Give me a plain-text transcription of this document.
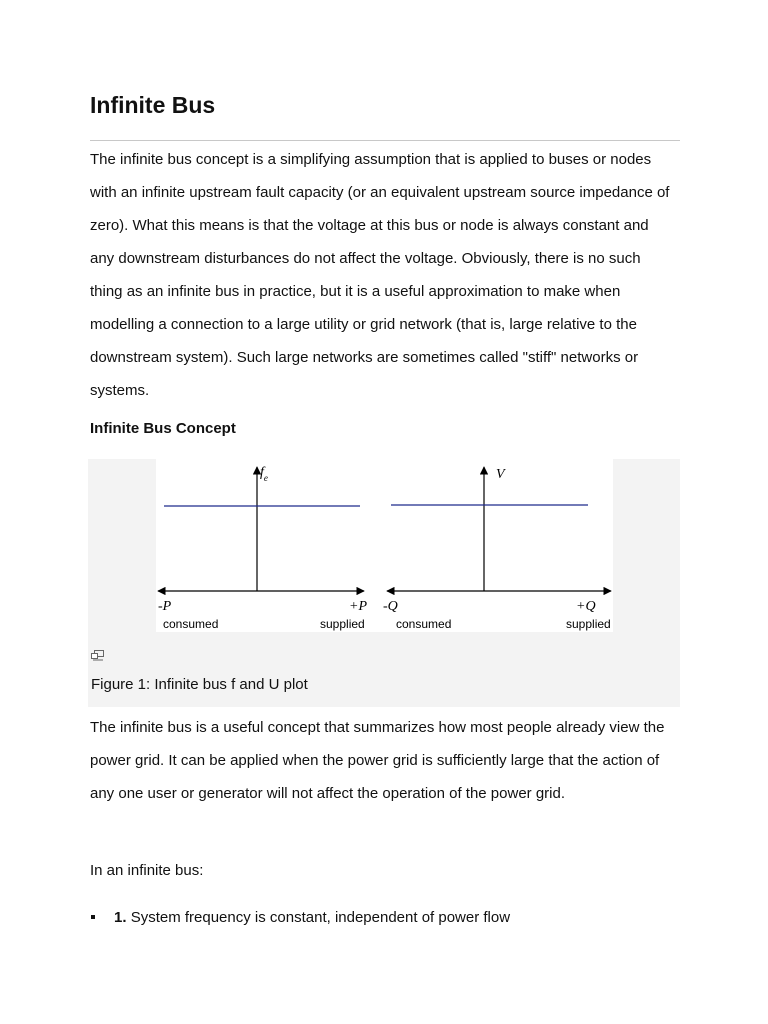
Infinite Bus

The infinite bus concept is a simplifying assumption that is applied to buses or nodes with an infinite upstream fault capacity (or an equivalent upstream source impedance of zero). What this means is that the voltage at this bus or node is always constant and any downstream disturbances do not affect the voltage. Obviously, there is no such thing as an infinite bus in practice, but it is a useful approximation to make when modelling a connection to a large utility or grid network (that is, large relative to the downstream system). Such large networks are sometimes called "stiff" networks or systems.

Infinite Bus Concept
$f_e$
-P	+P
consumed	supplied
V
-Q	+Q
consumed	supplied

Figure 1: Infinite bus f and U plot

The infinite bus is a useful concept that summarizes how most people already view the power grid. It can be applied when the power grid is sufficiently large that the action of any one user or generator will not affect the operation of the power grid.

In an infinite bus:

1. System frequency is constant, independent of power flow
